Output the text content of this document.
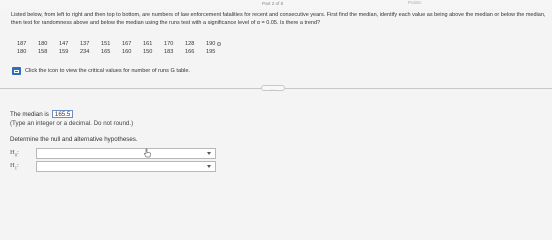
Part 2 of 8	Points:
Listed below, from left to right and then top to bottom, are numbers of law enforcement fatalities for recent and consecutive years. First find the median, identify each value as being above the median or below the median, then test for randomness above and below the median using the runs test with a significance level of α = 0.05. Is there a trend?
187	180	147	137	151	167	161	170	128	190
180	158	159	234	165	160	150	183	166	195
Click the icon to view the critical values for number of runs G table.
.....
The median is 165.5
(Type an integer or a decimal. Do not round.)
Determine the null and alternative hypotheses.
$H_0$:
$H_1$:
